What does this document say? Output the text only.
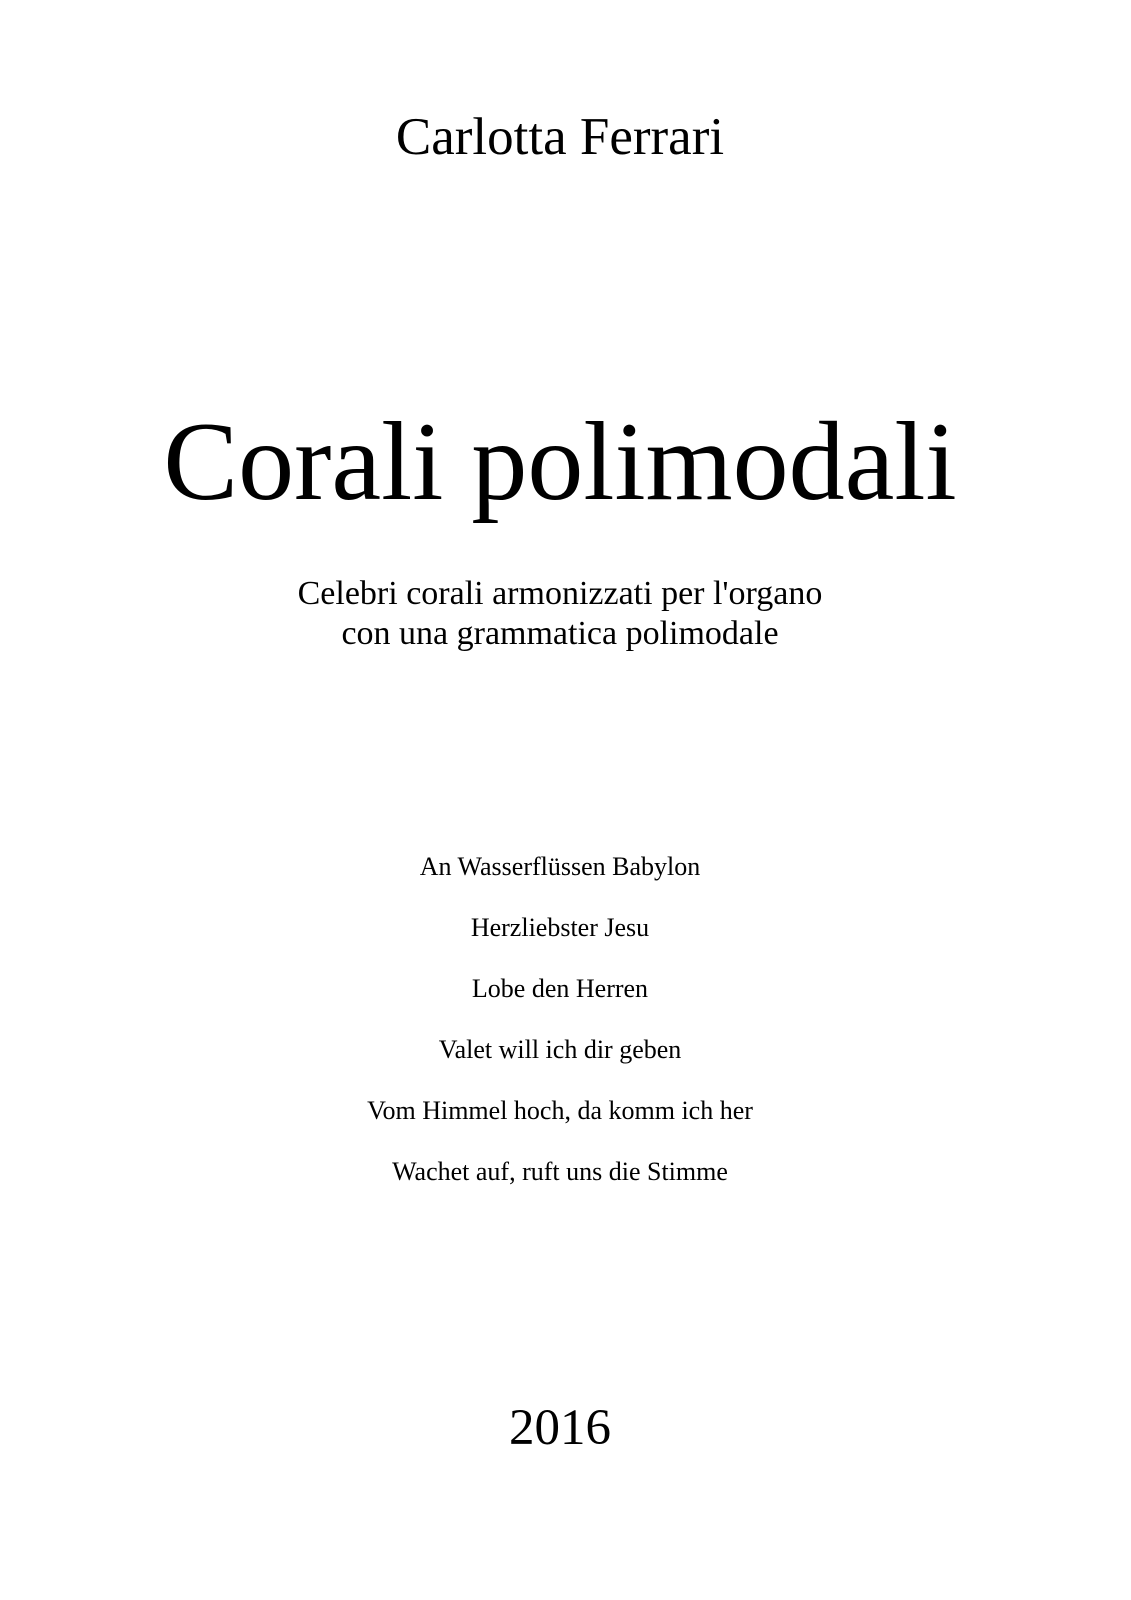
Carlotta Ferrari
Corali polimodali
Celebri corali armonizzati per l'organo
con una grammatica polimodale
An Wasserflüssen Babylon
Herzliebster Jesu
Lobe den Herren
Valet will ich dir geben
Vom Himmel hoch, da komm ich her
Wachet auf, ruft uns die Stimme
2016
